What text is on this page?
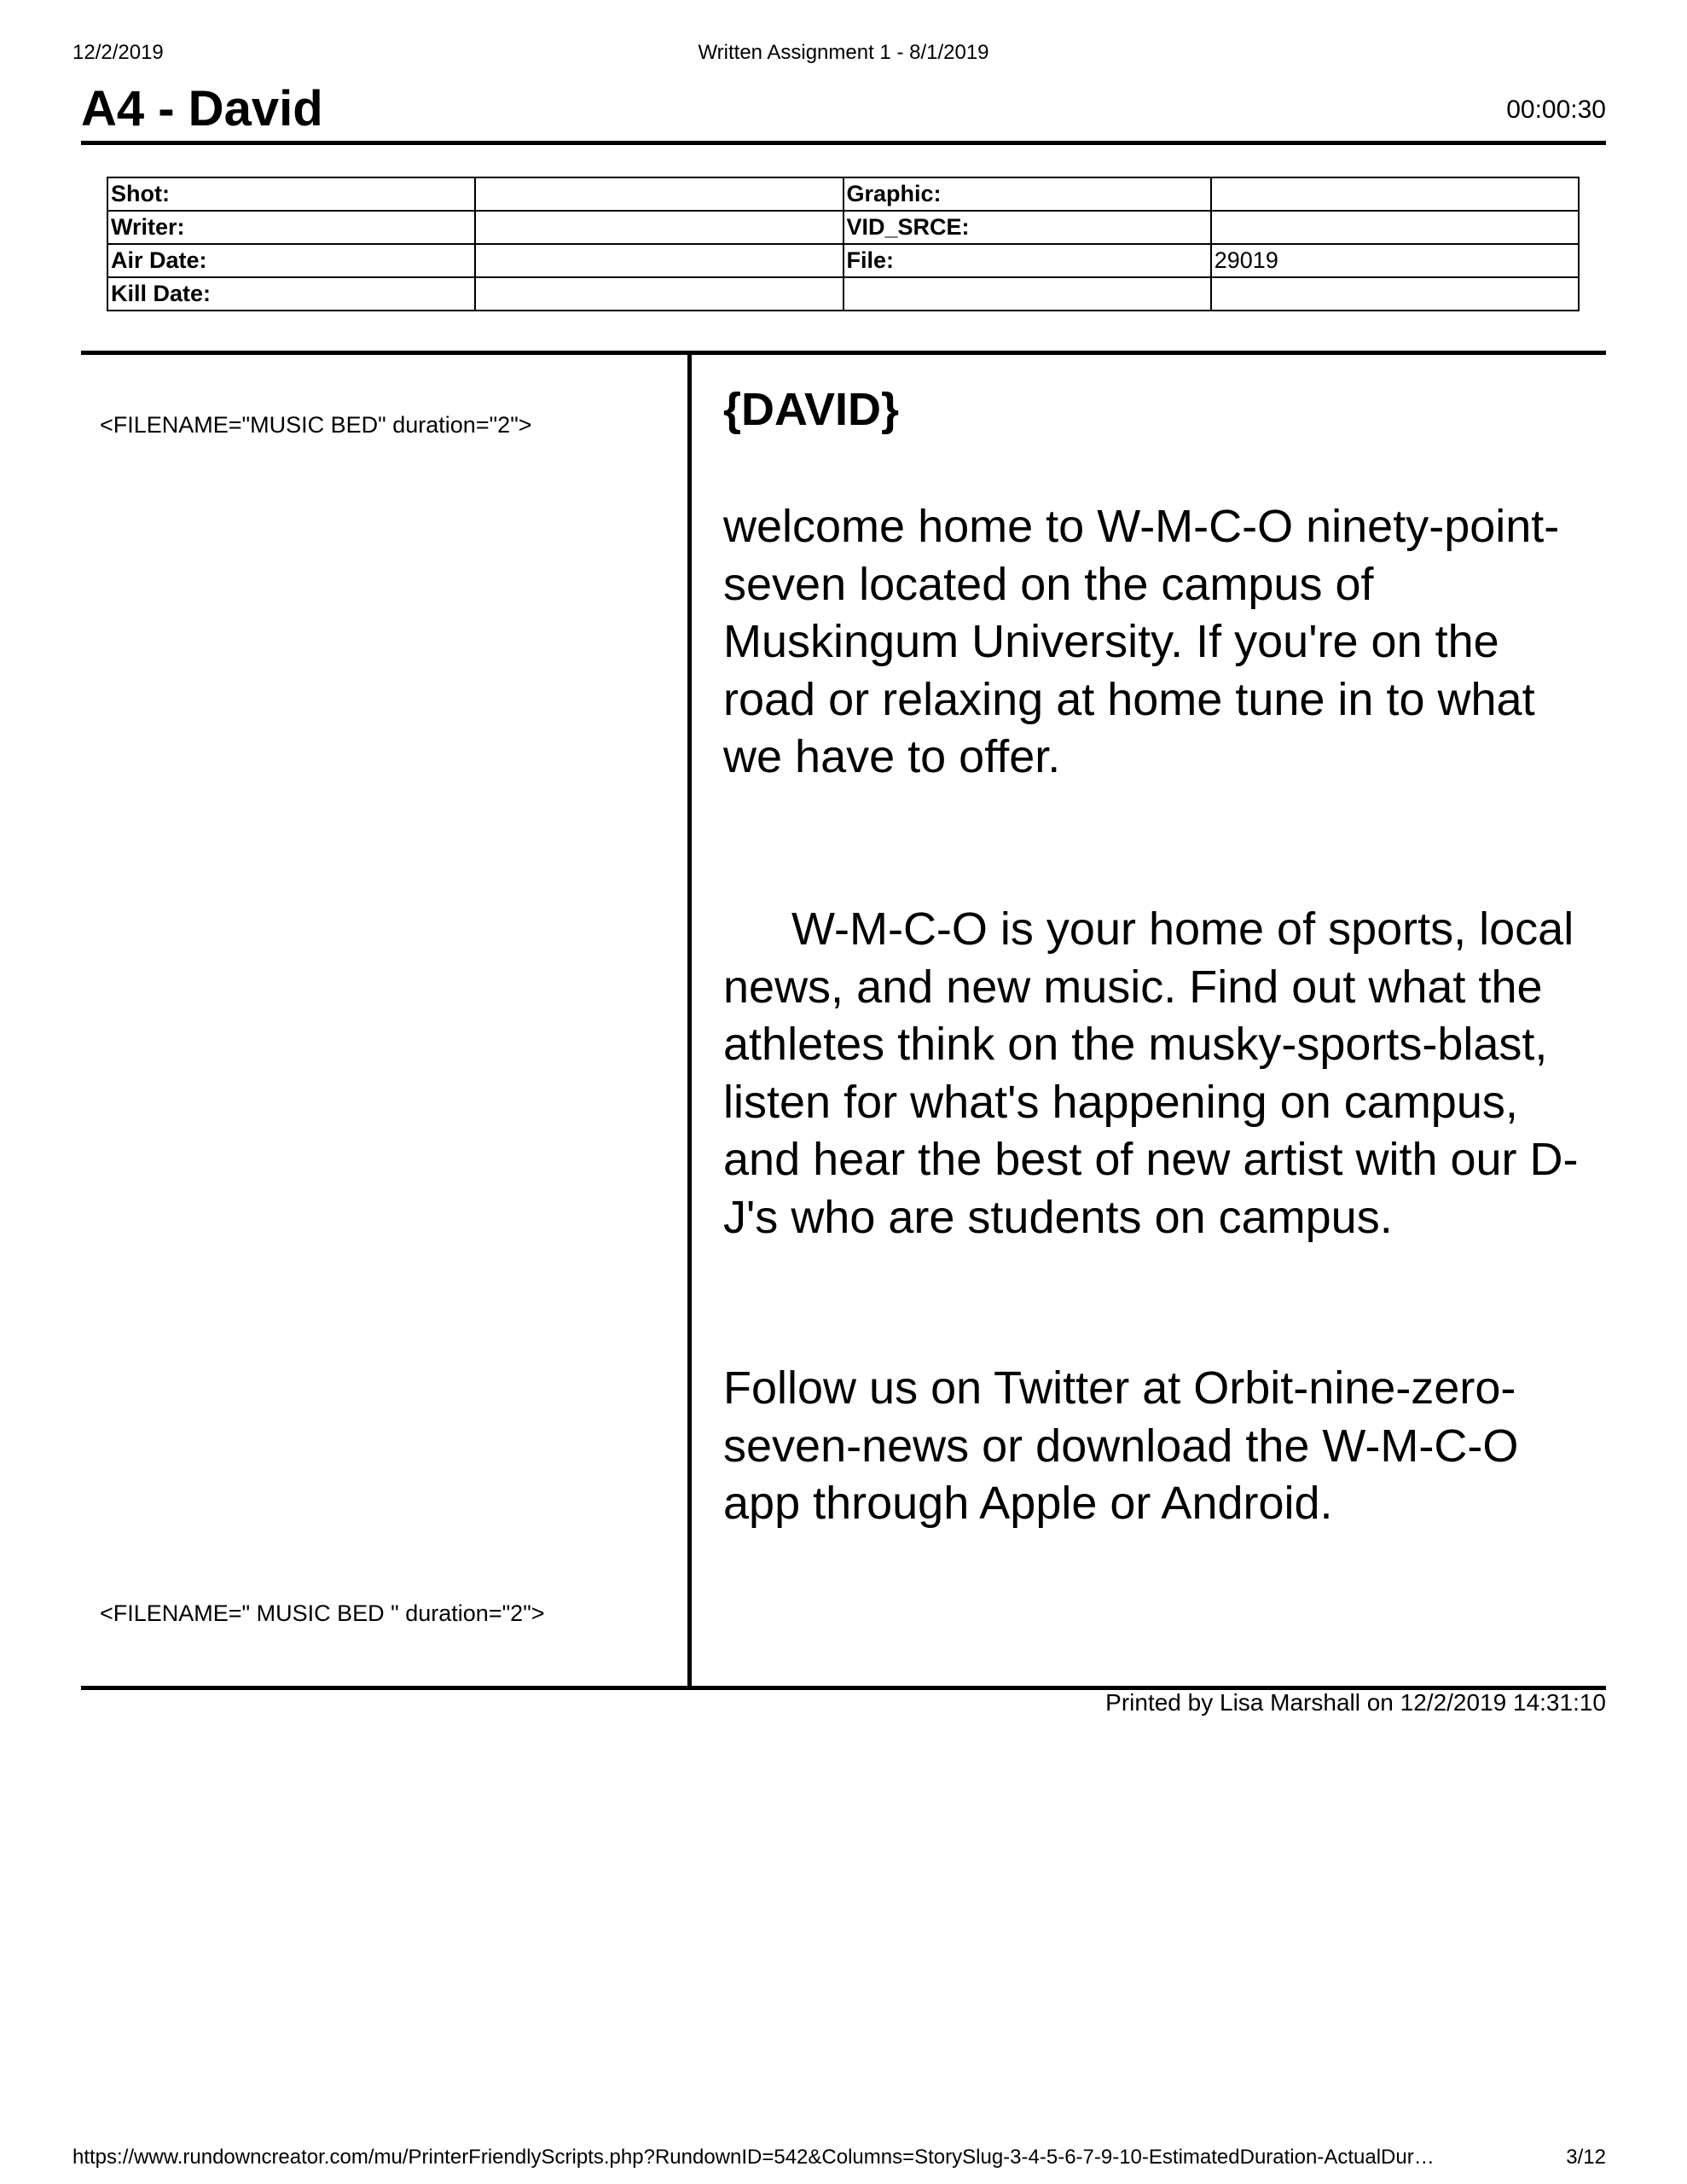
12/2/2019	Written Assignment 1 - 8/1/2019
A4 - David	00:00:30
Shot:		Graphic:	
Writer:		VID_SRCE:	
Air Date:		File:	29019
Kill Date:			
<FILENAME="MUSIC BED" duration="2">
<FILENAME=" MUSIC BED " duration="2">
{DAVID}
welcome home to W-M-C-O ninety-point-seven located on the campus of Muskingum University. If you're on the road or relaxing at home tune in to what we have to offer.
W-M-C-O is your home of sports, local news, and new music. Find out what the athletes think on the musky-sports-blast, listen for what's happening on campus, and hear the best of new artist with our D-J's who are students on campus.
Follow us on Twitter at Orbit-nine-zero-seven-news or download the W-M-C-O app through Apple or Android.
Printed by Lisa Marshall on 12/2/2019 14:31:10
https://www.rundowncreator.com/mu/PrinterFriendlyScripts.php?RundownID=542&Columns=StorySlug-3-4-5-6-7-9-10-EstimatedDuration-ActualDur…	3/12
